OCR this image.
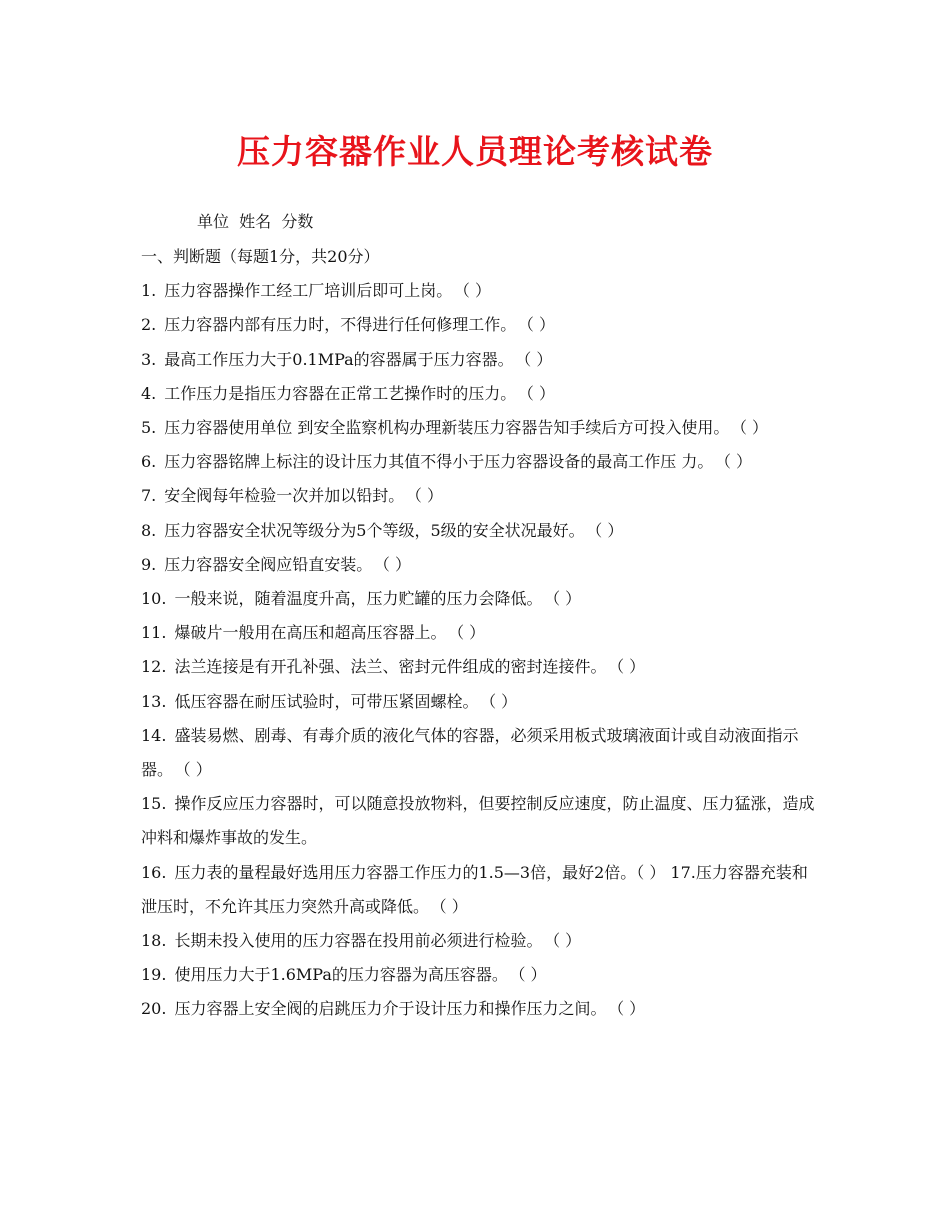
压力容器作业人员理论考核试卷
单位  姓名  分数

一、判断题（每题1分，共20分）

1. 压力容器操作工经工厂培训后即可上岗。 （ ）

2. 压力容器内部有压力时，不得进行任何修理工作。 （ ）

3. 最高工作压力大于0.1MPa的容器属于压力容器。 （ ）

4. 工作压力是指压力容器在正常工艺操作时的压力。 （ ）

5. 压力容器使用单位 到安全监察机构办理新装压力容器告知手续后方可投入使用。 （ ）

6. 压力容器铭牌上标注的设计压力其值不得小于压力容器设备的最高工作压 力。 （ ）

7. 安全阀每年检验一次并加以铅封。 （ ）

8. 压力容器安全状况等级分为5个等级，5级的安全状况最好。 （ ）

9. 压力容器安全阀应铅直安装。 （ ）

10. 一般来说，随着温度升高，压力贮罐的压力会降低。 （ ）

11. 爆破片一般用在高压和超高压容器上。 （ ）

12. 法兰连接是有开孔补强、法兰、密封元件组成的密封连接件。 （ ）

13. 低压容器在耐压试验时，可带压紧固螺栓。 （ ）

14. 盛装易燃、剧毒、有毒介质的液化气体的容器，必须采用板式玻璃液面计或自动液面指示器。 （ ）

15. 操作反应压力容器时，可以随意投放物料，但要控制反应速度，防止温度、压力猛涨，造成冲料和爆炸事故的发生。

16. 压力表的量程最好选用压力容器工作压力的1.5—3倍，最好2倍。（ ） 17.压力容器充装和泄压时，不允许其压力突然升高或降低。 （ ）

18. 长期未投入使用的压力容器在投用前必须进行检验。 （ ）

19. 使用压力大于1.6MPa的压力容器为高压容器。 （ ）

20. 压力容器上安全阀的启跳压力介于设计压力和操作压力之间。 （ ）
